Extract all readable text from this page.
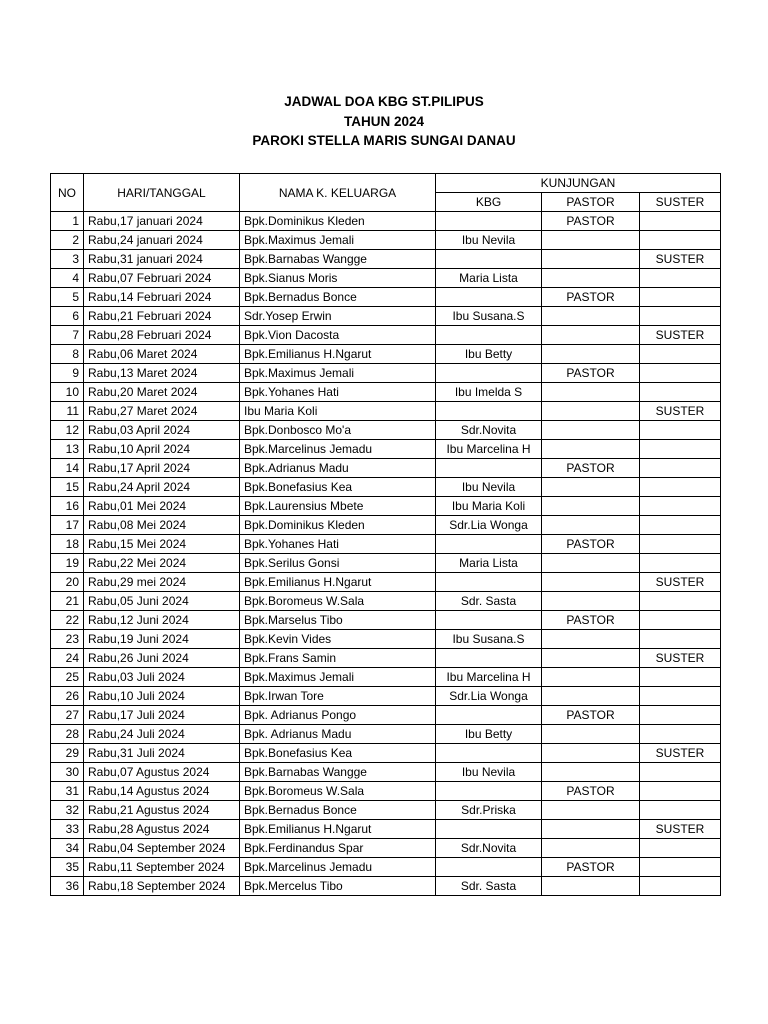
JADWAL DOA KBG ST.PILIPUS
TAHUN 2024
PAROKI STELLA MARIS SUNGAI DANAU
NO	HARI/TANGGAL	NAMA K. KELUARGA	KUNJUNGAN		
			KBG	PASTOR	SUSTER
1	Rabu,17 januari 2024	Bpk.Dominikus Kleden		PASTOR	
2	Rabu,24 januari 2024	Bpk.Maximus Jemali	Ibu Nevila		
3	Rabu,31 januari 2024	Bpk.Barnabas Wangge			SUSTER
4	Rabu,07 Februari 2024	Bpk.Sianus Moris	Maria Lista		
5	Rabu,14 Februari 2024	Bpk.Bernadus Bonce		PASTOR	
6	Rabu,21 Februari 2024	Sdr.Yosep Erwin	Ibu Susana.S		
7	Rabu,28 Februari 2024	Bpk.Vion Dacosta			SUSTER
8	Rabu,06 Maret 2024	Bpk.Emilianus H.Ngarut	Ibu Betty		
9	Rabu,13 Maret 2024	Bpk.Maximus Jemali		PASTOR	
10	Rabu,20 Maret 2024	Bpk.Yohanes Hati	Ibu Imelda S		
11	Rabu,27 Maret 2024	Ibu Maria Koli			SUSTER
12	Rabu,03 April 2024	Bpk.Donbosco Mo'a	Sdr.Novita		
13	Rabu,10 April 2024	Bpk.Marcelinus Jemadu	Ibu Marcelina H		
14	Rabu,17 April 2024	Bpk.Adrianus Madu		PASTOR	
15	Rabu,24 April 2024	Bpk.Bonefasius Kea	Ibu Nevila		
16	Rabu,01 Mei 2024	Bpk.Laurensius Mbete	Ibu Maria Koli		
17	Rabu,08 Mei 2024	Bpk.Dominikus Kleden	Sdr.Lia Wonga		
18	Rabu,15 Mei 2024	Bpk.Yohanes Hati		PASTOR	
19	Rabu,22 Mei 2024	Bpk.Serilus Gonsi	Maria Lista		
20	Rabu,29 mei 2024	Bpk.Emilianus H.Ngarut			SUSTER
21	Rabu,05 Juni 2024	Bpk.Boromeus W.Sala	Sdr. Sasta		
22	Rabu,12 Juni 2024	Bpk.Marselus Tibo		PASTOR	
23	Rabu,19 Juni 2024	Bpk.Kevin Vides	Ibu Susana.S		
24	Rabu,26 Juni 2024	Bpk.Frans Samin			SUSTER
25	Rabu,03 Juli 2024	Bpk.Maximus Jemali	Ibu Marcelina H		
26	Rabu,10 Juli 2024	Bpk.Irwan Tore	Sdr.Lia Wonga		
27	Rabu,17 Juli 2024	Bpk. Adrianus Pongo		PASTOR	
28	Rabu,24 Juli 2024	Bpk. Adrianus Madu	Ibu Betty		
29	Rabu,31 Juli 2024	Bpk.Bonefasius Kea			SUSTER
30	Rabu,07 Agustus 2024	Bpk.Barnabas Wangge	Ibu Nevila		
31	Rabu,14 Agustus 2024	Bpk.Boromeus W.Sala		PASTOR	
32	Rabu,21 Agustus 2024	Bpk.Bernadus Bonce	Sdr.Priska		
33	Rabu,28 Agustus 2024	Bpk.Emilianus H.Ngarut			SUSTER
34	Rabu,04 September 2024	Bpk.Ferdinandus Spar	Sdr.Novita		
35	Rabu,11 September 2024	Bpk.Marcelinus Jemadu		PASTOR	
36	Rabu,18 September 2024	Bpk.Mercelus Tibo	Sdr. Sasta		
